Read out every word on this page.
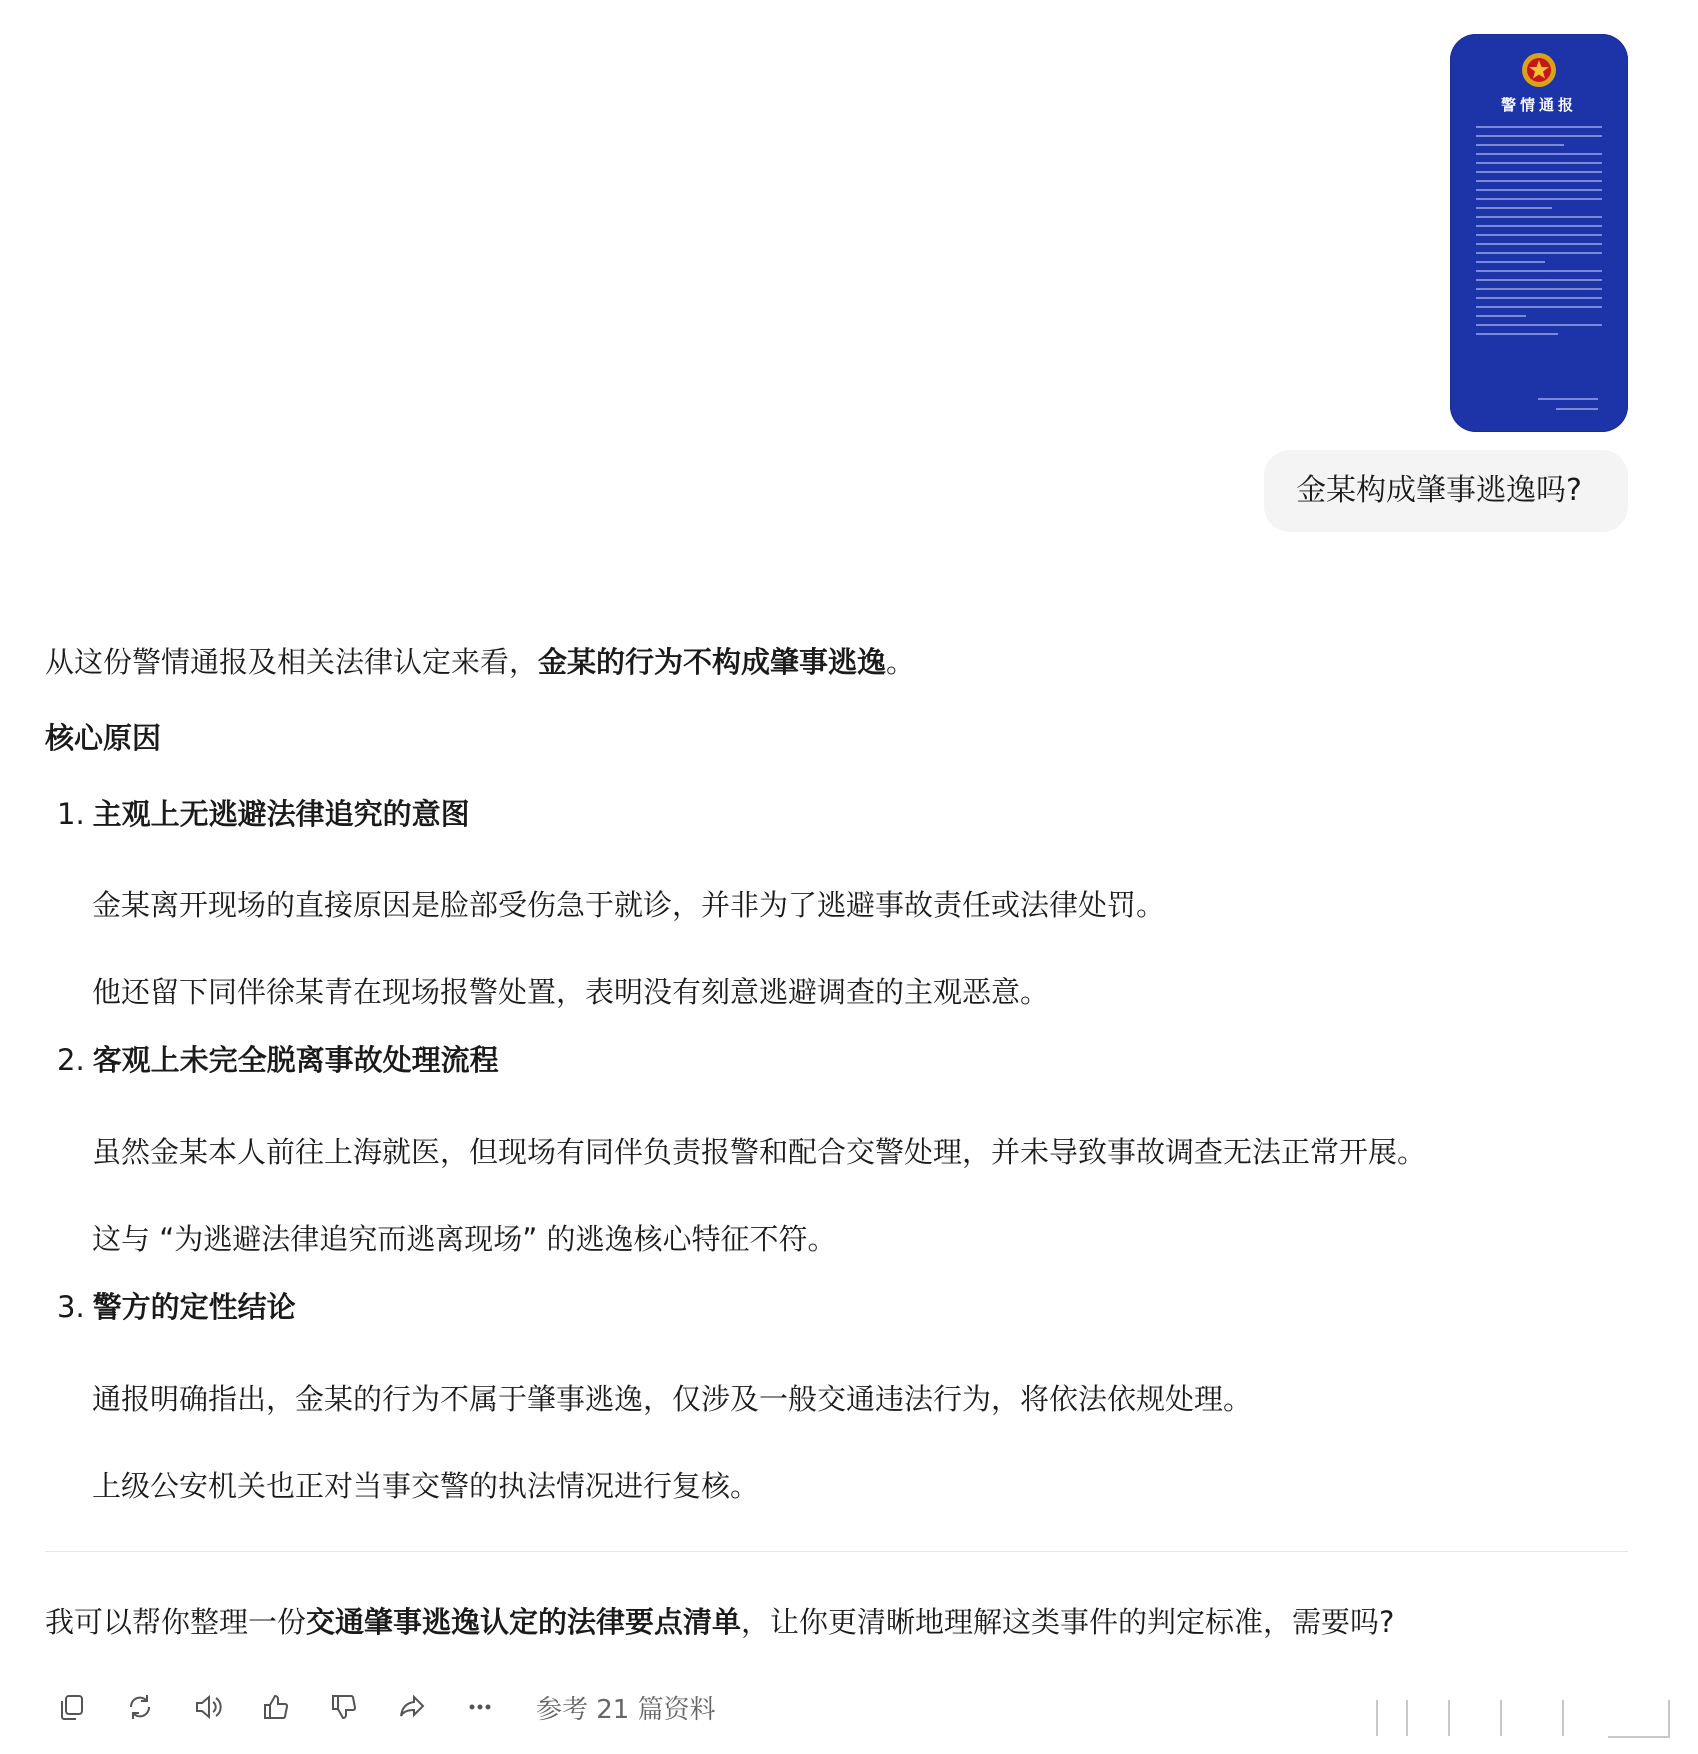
警情通报
金某构成肇事逃逸吗?
从这份警情通报及相关法律认定来看，金某的行为不构成肇事逃逸。
核心原因
1. 主观上无逃避法律追究的意图
金某离开现场的直接原因是脸部受伤急于就诊，并非为了逃避事故责任或法律处罚。
他还留下同伴徐某青在现场报警处置，表明没有刻意逃避调查的主观恶意。
2. 客观上未完全脱离事故处理流程
虽然金某本人前往上海就医，但现场有同伴负责报警和配合交警处理，并未导致事故调查无法正常开展。
这与 “为逃避法律追究而逃离现场” 的逃逸核心特征不符。
3. 警方的定性结论
通报明确指出，金某的行为不属于肇事逃逸，仅涉及一般交通违法行为，将依法依规处理。
上级公安机关也正对当事交警的执法情况进行复核。
我可以帮你整理一份交通肇事逃逸认定的法律要点清单，让你更清晰地理解这类事件的判定标准，需要吗?
参考 21 篇资料
